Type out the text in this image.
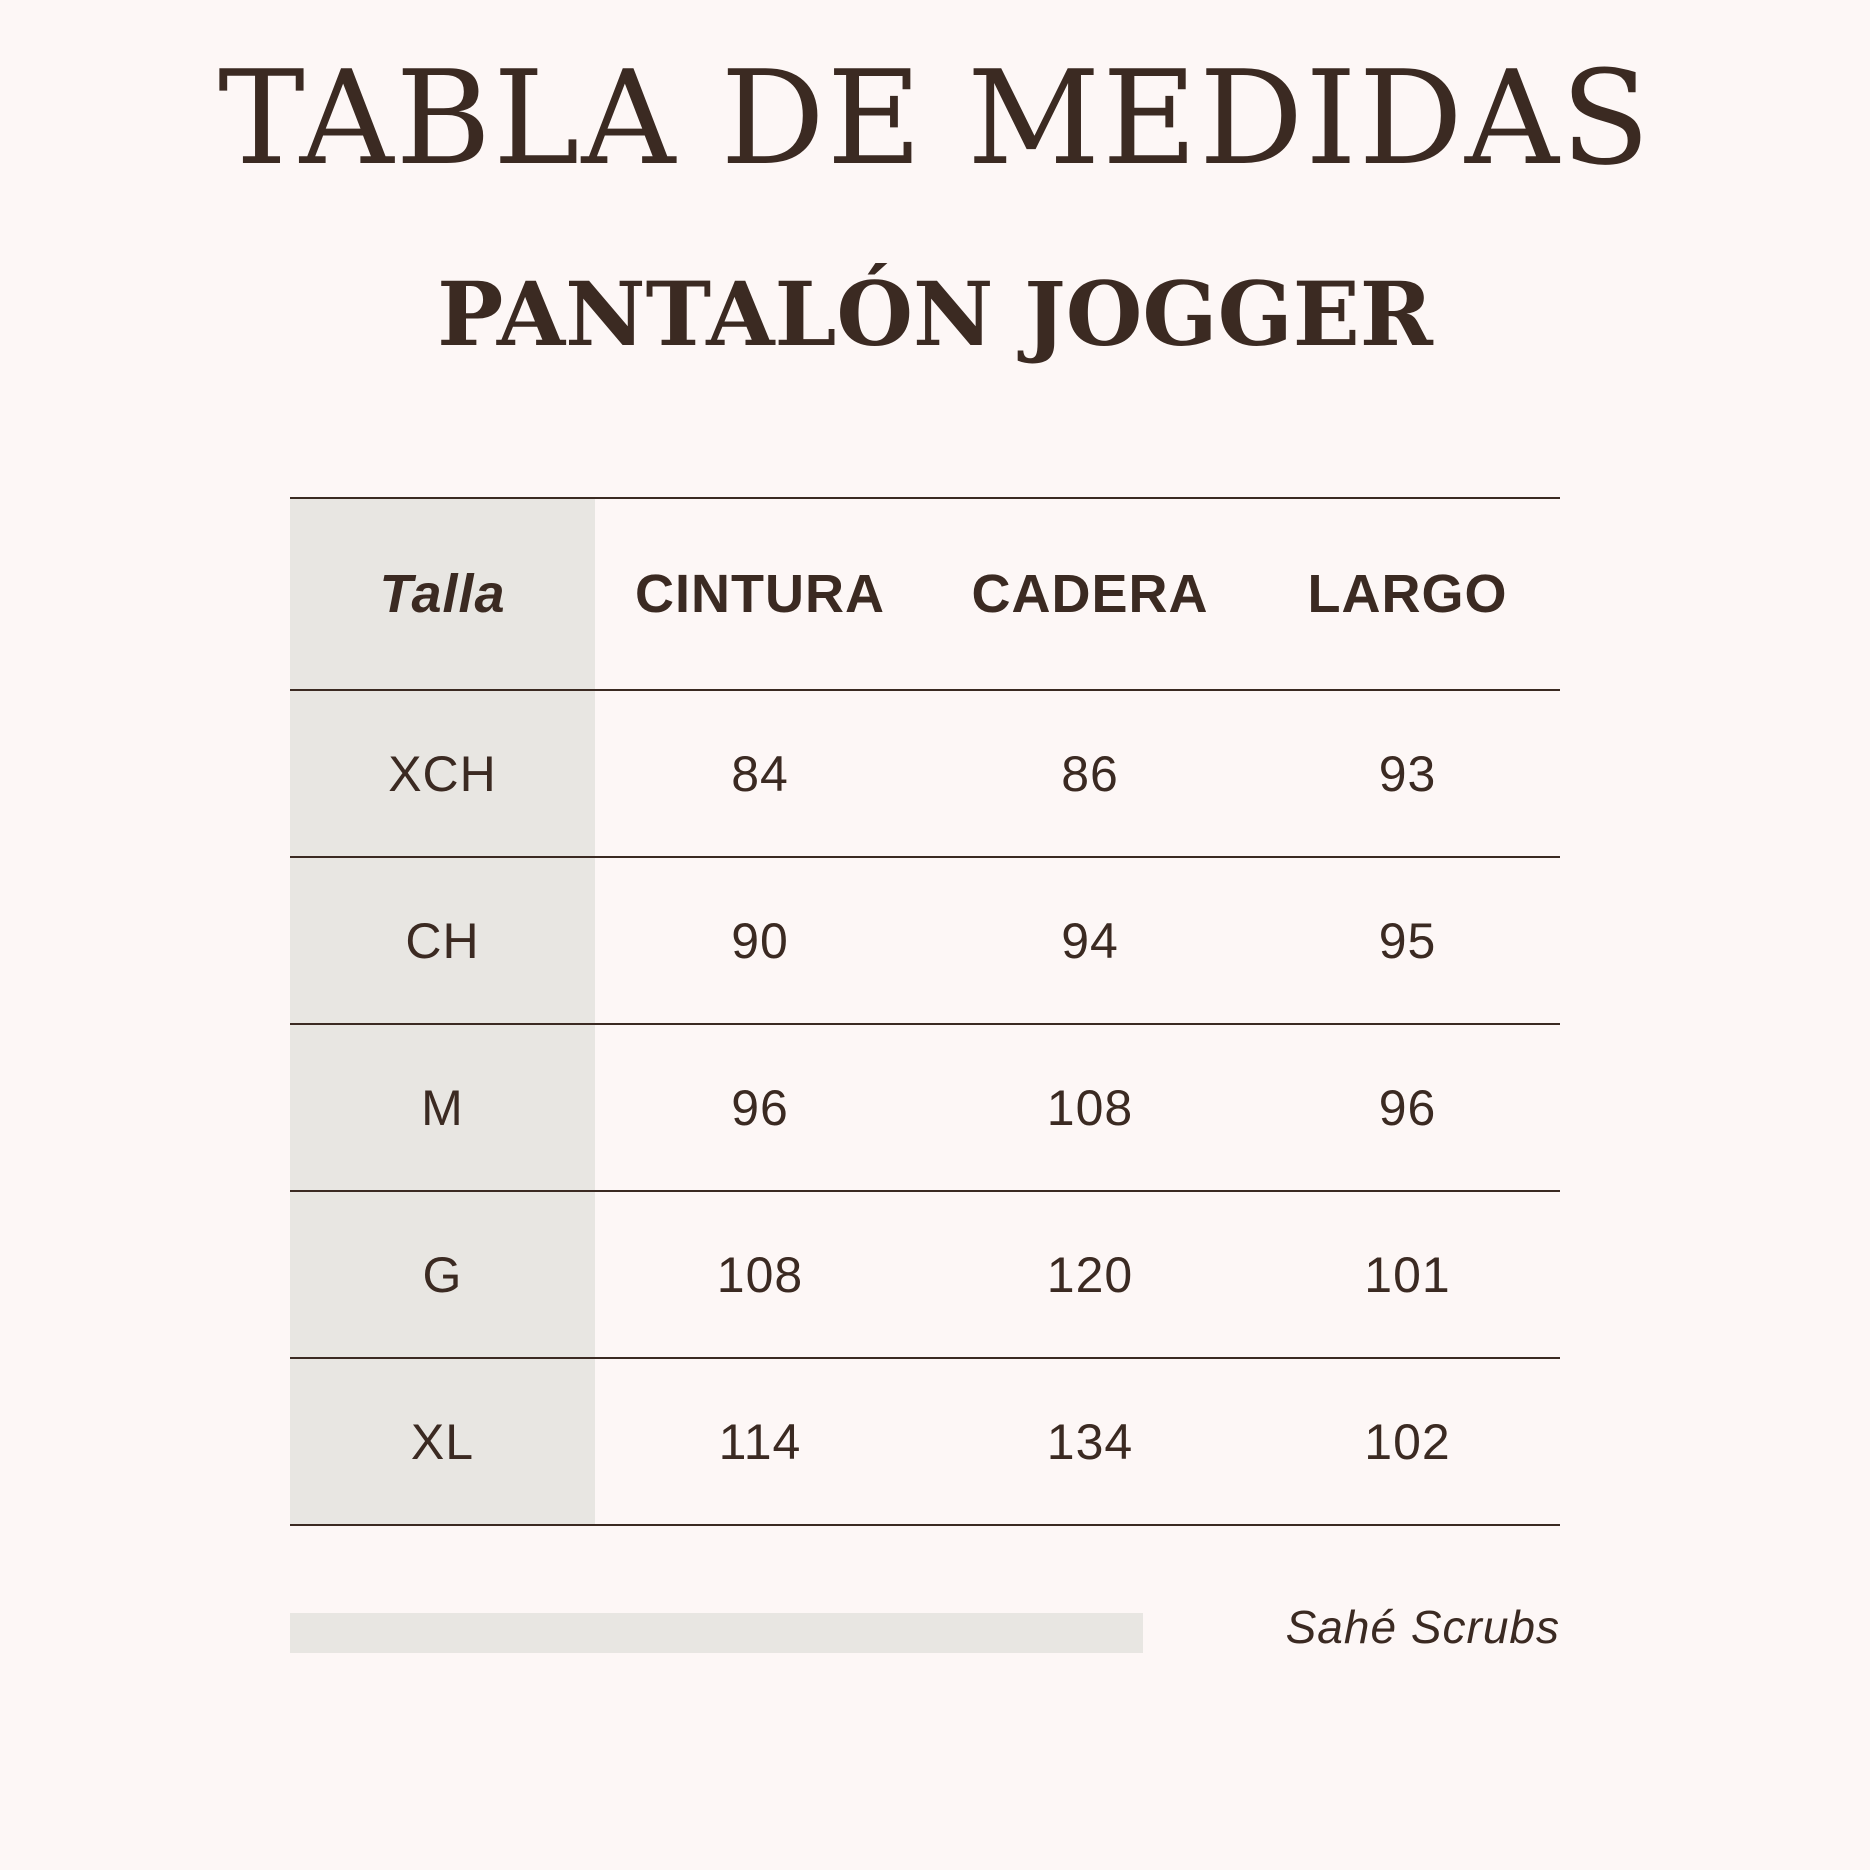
TABLA DE MEDIDAS
PANTALÓN JOGGER
Talla	CINTURA	CADERA	LARGO
XCH	84	86	93
CH	90	94	95
M	96	108	96
G	108	120	101
XL	114	134	102
Sahé Scrubs
